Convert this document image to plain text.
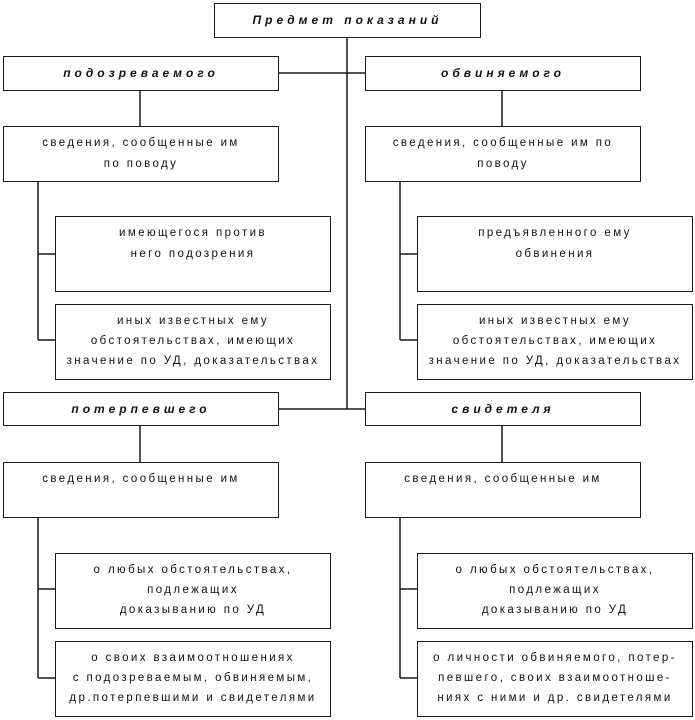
Предмет показаний
подозреваемого
сведения, сообщенные им
по поводу
имеющегося против
него подозрения
иных известных ему
обстоятельствах, имеющих
значение по УД, доказательствах
обвиняемого
сведения, сообщенные им по
поводу
предъявленного ему
обвинения
иных известных ему
обстоятельствах, имеющих
значение по УД, доказательствах
потерпевшего
сведения, сообщенные им
о любых обстоятельствах,
подлежащих
доказыванию по УД
о своих взаимоотношениях
с подозреваемым, обвиняемым,
др.потерпевшими и свидетелями
свидетеля
сведения, сообщенные им
о любых обстоятельствах,
подлежащих
доказыванию по УД
о личности обвиняемого, потер-
певшего, своих взаимоотноше-
ниях с ними и др. свидетелями
